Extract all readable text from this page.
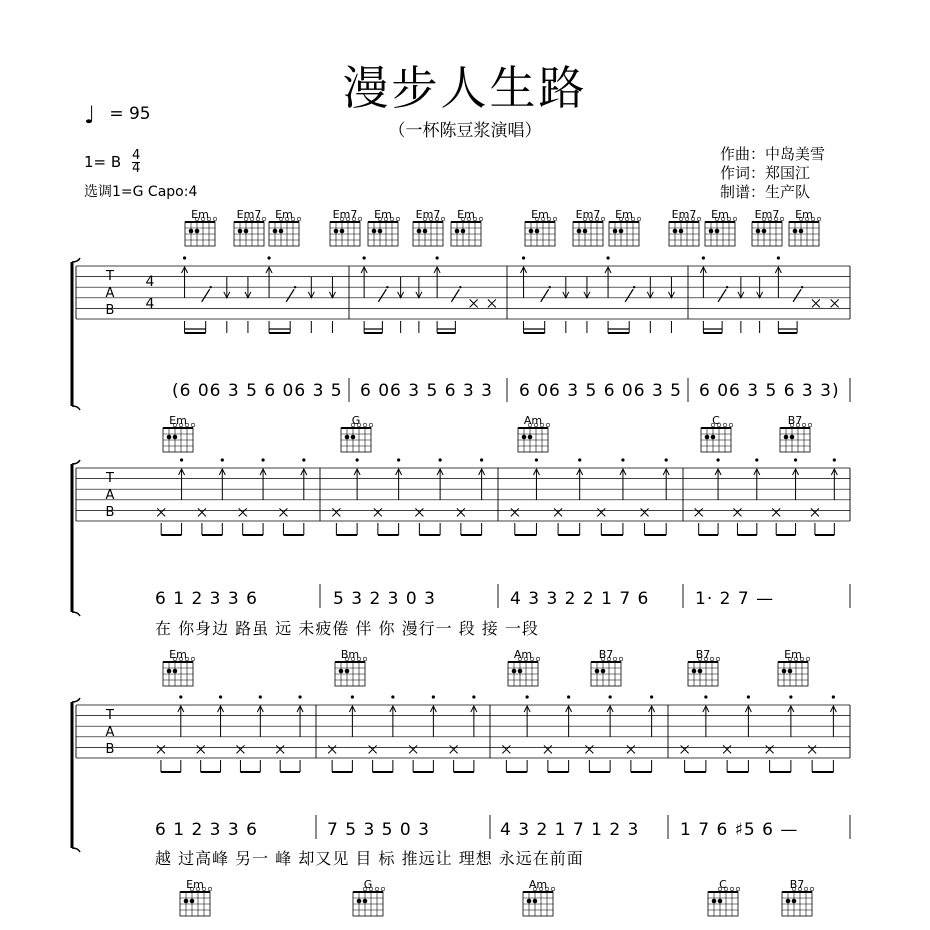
漫步人生路
（一杯陈豆浆演唱）
♩ = 95
1= B $\frac{4}{4}$
选调1=G Capo:4
作曲：中岛美雪
作词：郑国江
制谱：生产队
T
A
B
4
4
T
A
B
T
A
B
Em	Em7 Em	Em7 Em Em7 Em	Em Em7 Em	Em7 Em Em7 Em
Em	G	Am	C	B7
Em	Bm	Am	B7	B7	Em
Em	G	Am	C	B7
(6 06 3 5 6 06 3 5 6 06 3 5 6 3 3 6 06 3 5 6 06 3 5 6 06 3 5 6 3 3)
6 1 2 3 3 6	5 3 2 3 0 3	4 3 3 2 2 1 7 6	1· 2 7 —
在 你身边 路虽 远 未疲倦 伴 你 漫行一 段 接 一段
6 1 2 3 3 6	7 5 3 5 0 3	4 3 2 1 7 1 2 3 1 7 6 ♯5 6 —
越 过高峰 另一 峰 却又见 目 标 推远让 理想 永远在前面
